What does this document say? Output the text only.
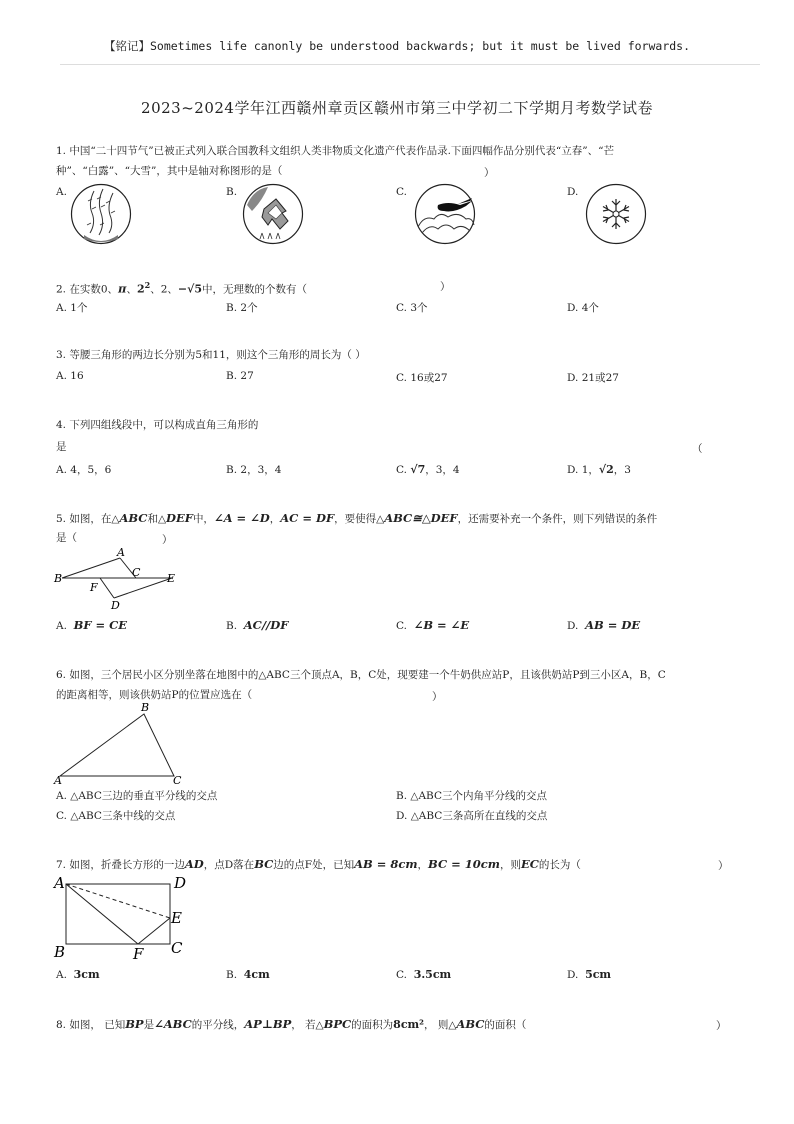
【铭记】Sometimes life canonly be understood backwards; but it must be lived forwards.
2023~2024学年江西赣州章贡区赣州市第三中学初二下学期月考数学试卷
1. 中国“二十四节气”已被正式列入联合国教科文组织人类非物质文化遗产代表作品录.下面四幅作品分别代表“立春”、“芒
种”、“白露”、“大雪”，其中是轴对称图形的是（	）
A.	B.	C.	D.
2. 在实数0、π、$2^2$、2、−√5中，无理数的个数有（	）
A. 1个	B. 2个	C. 3个	D. 4个
3. 等腰三角形的两边长分别为5和11，则这个三角形的周长为（ ）
A. 16	B. 27	C. 16或27	D. 21或27
4. 下列四组线段中，可以构成直角三角形的
是	（
A. 4，5，6	B. 2，3，4	C. √7，3，4	D. 1，√2，3
5. 如图，在△ABC和△DEF中，∠A = ∠D，AC = DF，要使得△ABC≅△DEF，还需要补充一个条件，则下列错误的条件
是（	）
A
B	C
D
E
F
A. BF = CE	B. AC//DF	C. ∠B = ∠E	D. AB = DE
6. 如图，三个居民小区分别坐落在地图中的△ABC三个顶点A，B，C处，现要建一个牛奶供应站P，且该供奶站P到三小区A，B，C
的距离相等，则该供奶站P的位置应选在（	）
B
A	C
A. △ABC三边的垂直平分线的交点	B. △ABC三个内角平分线的交点
C. △ABC三条中线的交点	D. △ABC三条高所在直线的交点
7. 如图，折叠长方形的一边AD，点D落在BC边的点F处，已知AB = 8cm，BC = 10cm，则EC的长为（	）
A	D
E
B	F C
A. 3cm	B. 4cm	C. 3.5cm	D. 5cm
8. 如图， 已知BP是∠ABC的平分线，AP⊥BP， 若△BPC的面积为8cm²， 则△ABC的面积（	）
